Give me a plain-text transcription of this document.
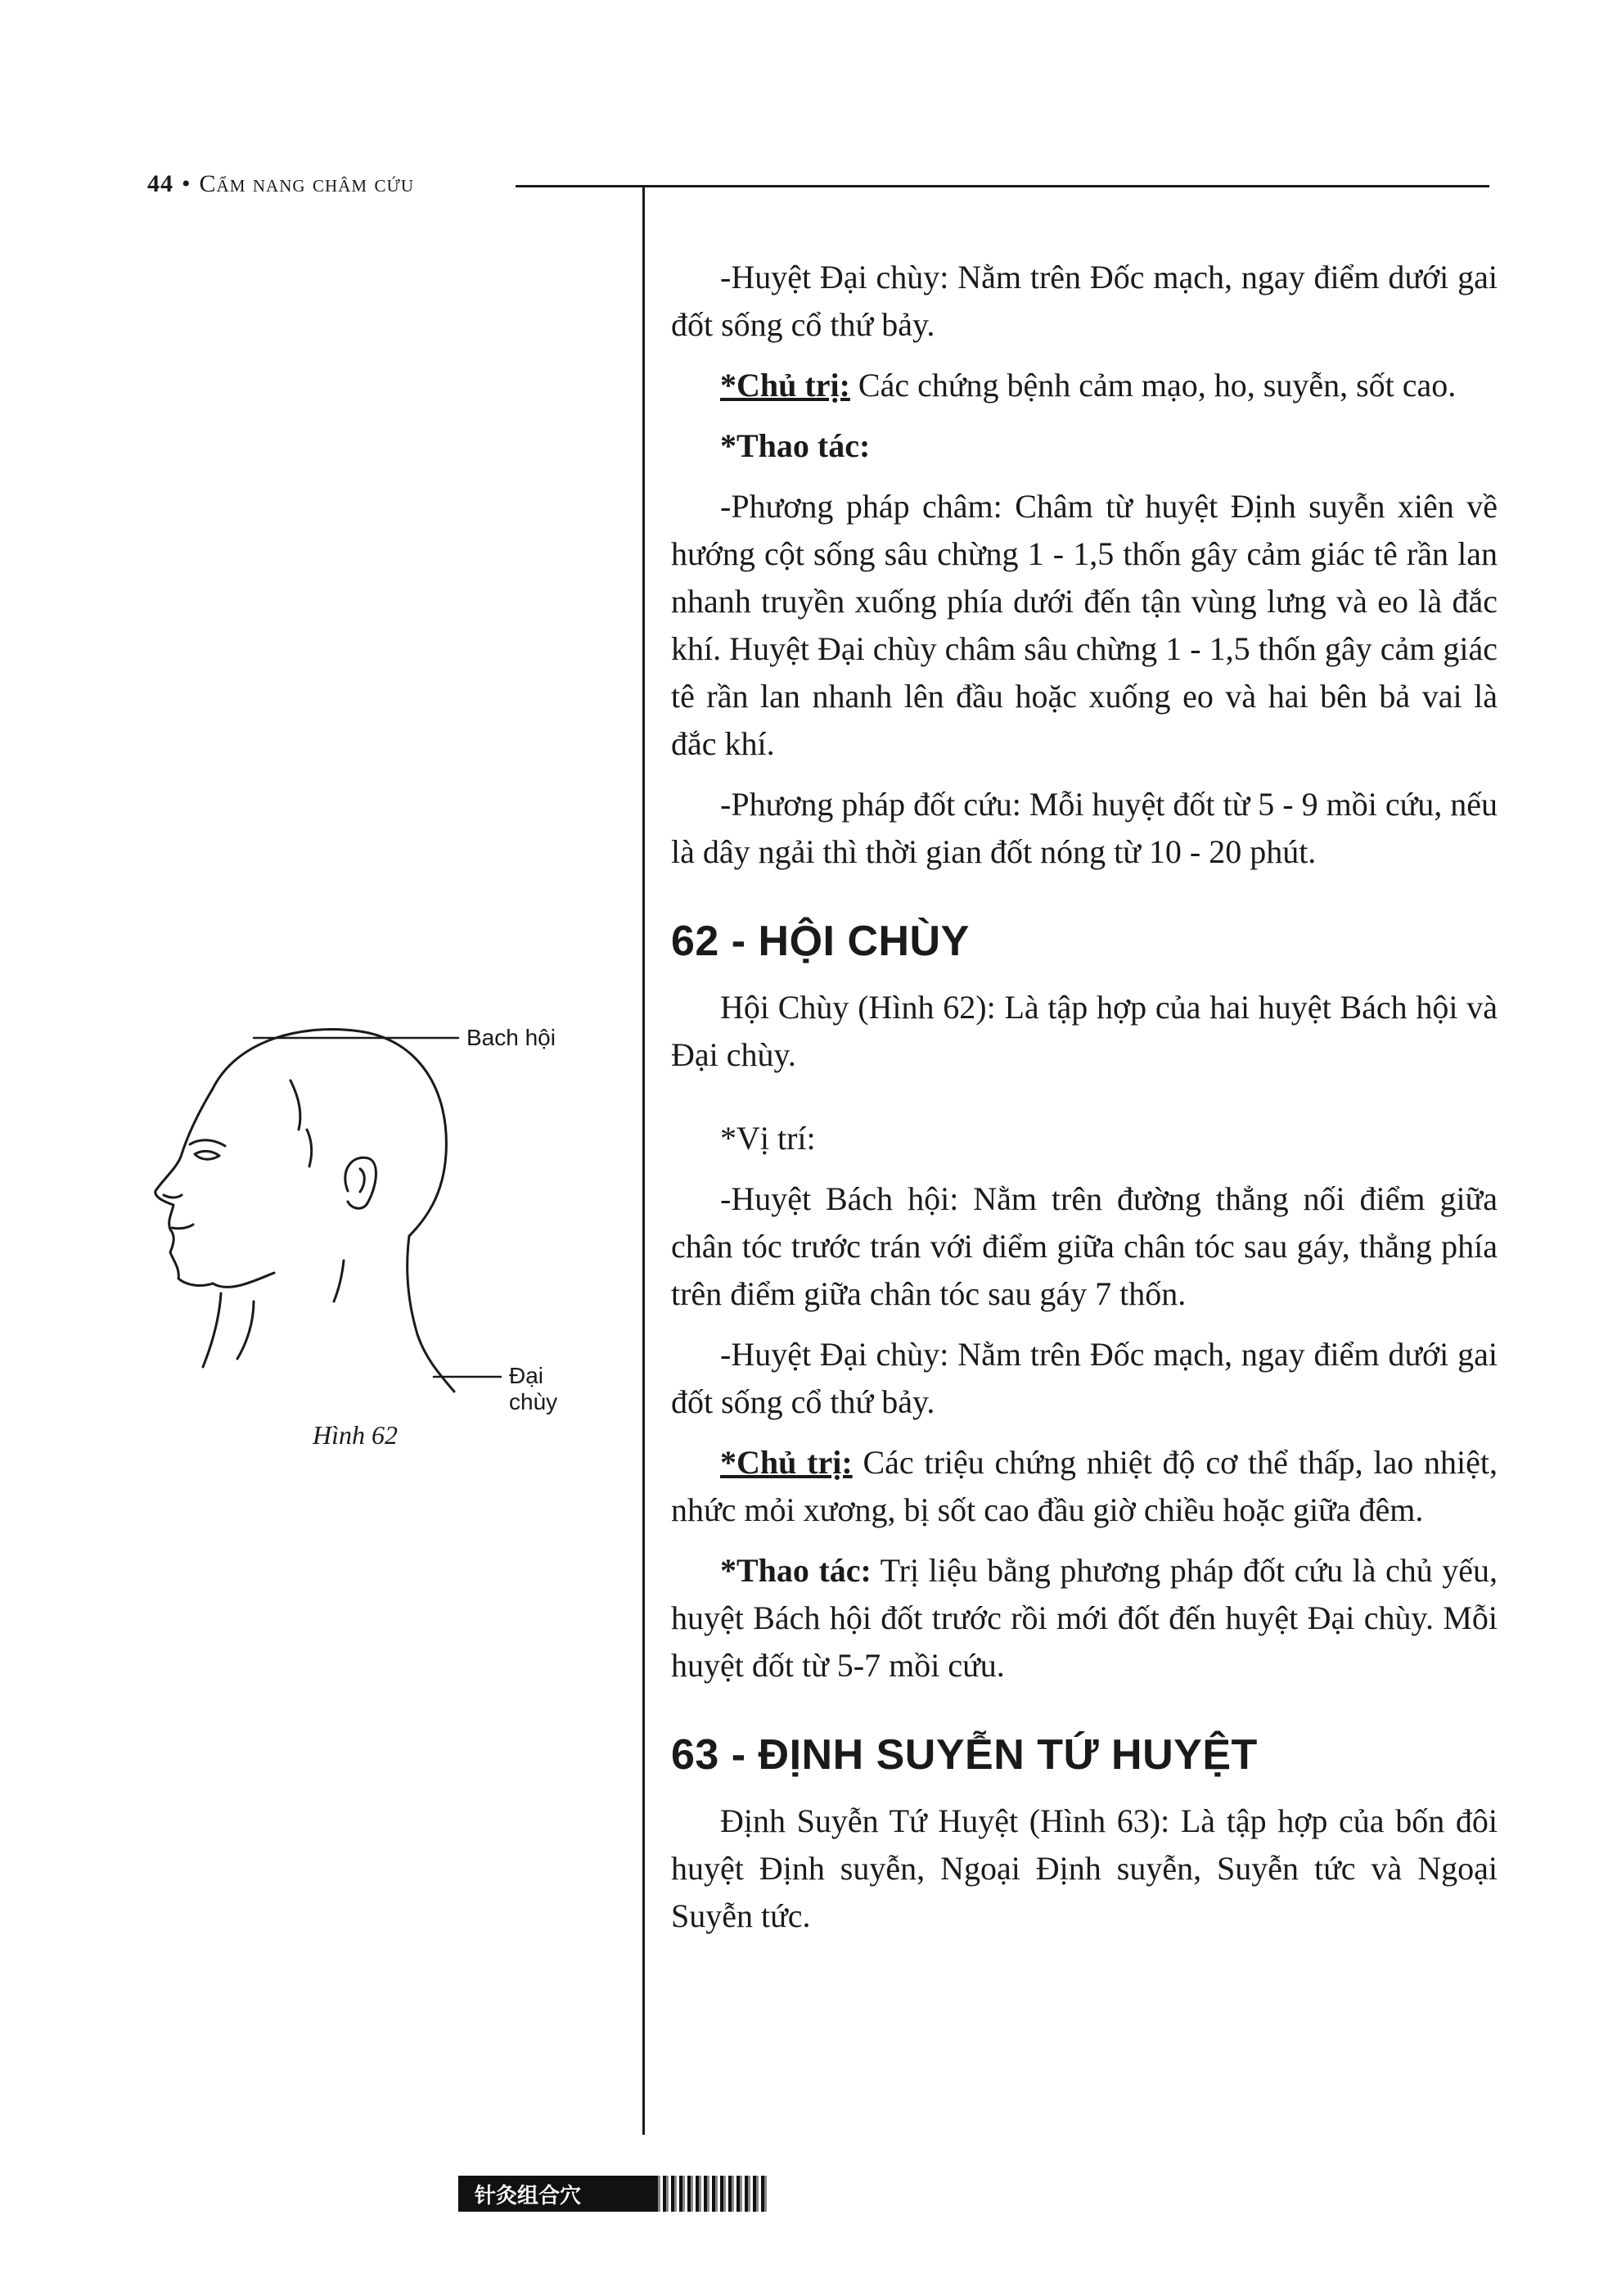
44 • Cẩm nang châm cứu
Bach hội
Đại chùy
Hình 62

-Huyệt Đại chùy: Nằm trên Đốc mạch, ngay điểm dưới gai đốt sống cổ thứ bảy.

*Chủ trị: Các chứng bệnh cảm mạo, ho, suyễn, sốt cao.

*Thao tác:

-Phương pháp châm: Châm từ huyệt Định suyễn xiên về hướng cột sống sâu chừng 1 - 1,5 thốn gây cảm giác tê rần lan nhanh truyền xuống phía dưới đến tận vùng lưng và eo là đắc khí. Huyệt Đại chùy châm sâu chừng 1 - 1,5 thốn gây cảm giác tê rần lan nhanh lên đầu hoặc xuống eo và hai bên bả vai là đắc khí.

-Phương pháp đốt cứu: Mỗi huyệt đốt từ 5 - 9 mồi cứu, nếu là dây ngải thì thời gian đốt nóng từ 10 - 20 phút.

62 - HỘI CHÙY

Hội Chùy (Hình 62): Là tập hợp của hai huyệt Bách hội và Đại chùy.

*Vị trí:

-Huyệt Bách hội: Nằm trên đường thẳng nối điểm giữa chân tóc trước trán với điểm giữa chân tóc sau gáy, thẳng phía trên điểm giữa chân tóc sau gáy 7 thốn.

-Huyệt Đại chùy: Nằm trên Đốc mạch, ngay điểm dưới gai đốt sống cổ thứ bảy.

*Chủ trị: Các triệu chứng nhiệt độ cơ thể thấp, lao nhiệt, nhức mỏi xương, bị sốt cao đầu giờ chiều hoặc giữa đêm.

*Thao tác: Trị liệu bằng phương pháp đốt cứu là chủ yếu, huyệt Bách hội đốt trước rồi mới đốt đến huyệt Đại chùy. Mỗi huyệt đốt từ 5-7 mồi cứu.

63 - ĐỊNH SUYỄN TỨ HUYỆT

Định Suyễn Tứ Huyệt (Hình 63): Là tập hợp của bốn đôi huyệt Định suyễn, Ngoại Định suyễn, Suyễn tức và Ngoại Suyễn tức.

针灸组合穴
